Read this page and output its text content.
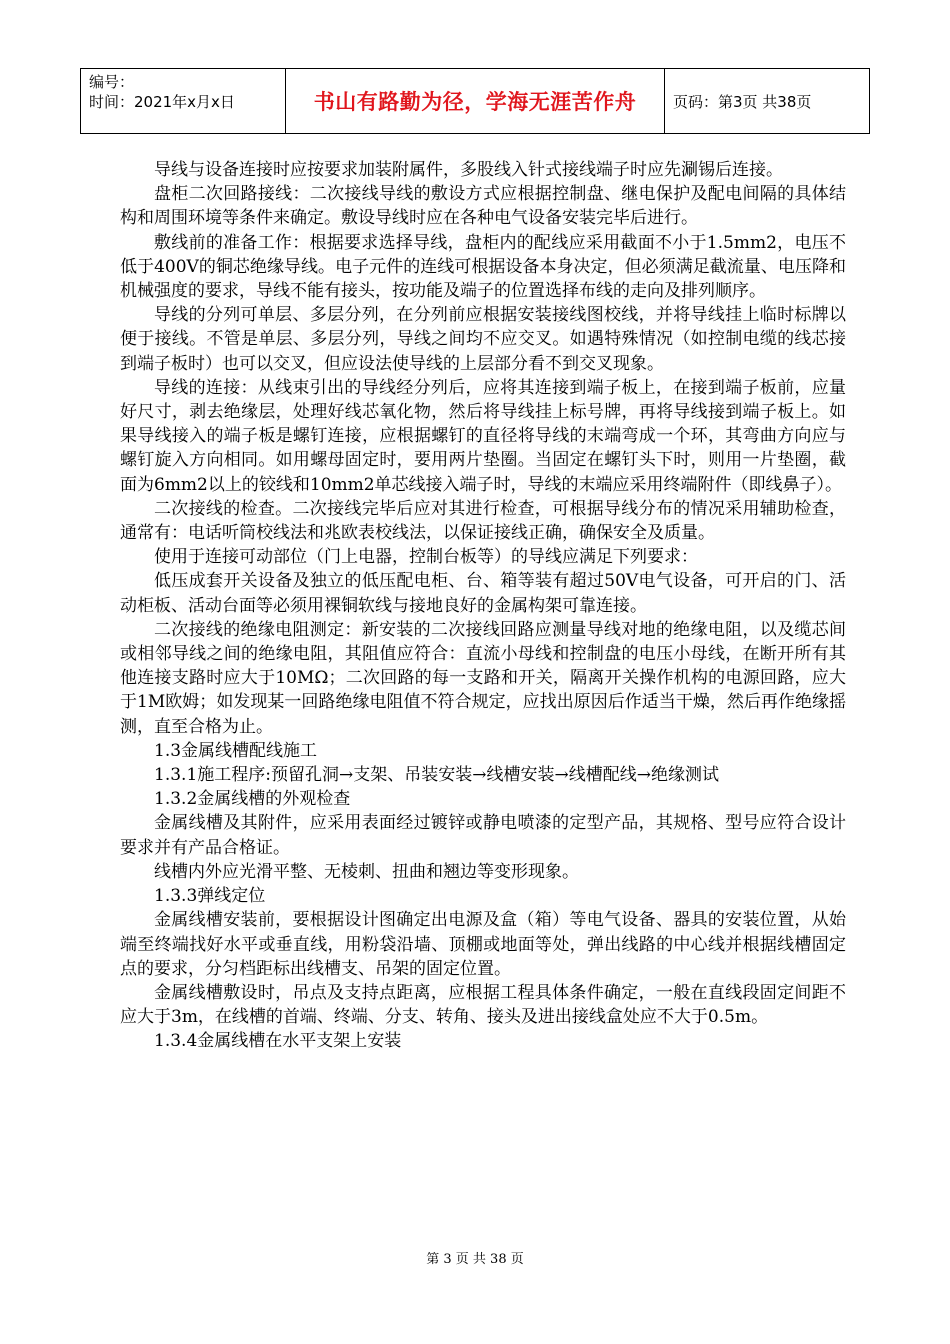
编号：
时间：2021年x月x日	书山有路勤为径，学海无涯苦作舟	页码：第3页 共38页

导线与设备连接时应按要求加装附属件，多股线入针式接线端子时应先涮锡后连接。

盘柜二次回路接线：二次接线导线的敷设方式应根据控制盘、继电保护及配电间隔的具体结构和周围环境等条件来确定。敷设导线时应在各种电气设备安装完毕后进行。

敷线前的准备工作：根据要求选择导线，盘柜内的配线应采用截面不小于1.5mm2，电压不低于400V的铜芯绝缘导线。电子元件的连线可根据设备本身决定，但必须满足截流量、电压降和机械强度的要求，导线不能有接头，按功能及端子的位置选择布线的走向及排列顺序。

导线的分列可单层、多层分列，在分列前应根据安装接线图校线，并将导线挂上临时标牌以便于接线。不管是单层、多层分列，导线之间均不应交叉。如遇特殊情况（如控制电缆的线芯接到端子板时）也可以交叉，但应设法使导线的上层部分看不到交叉现象。

导线的连接：从线束引出的导线经分列后，应将其连接到端子板上，在接到端子板前，应量好尺寸，剥去绝缘层，处理好线芯氧化物，然后将导线挂上标号牌，再将导线接到端子板上。如果导线接入的端子板是螺钉连接，应根据螺钉的直径将导线的末端弯成一个环，其弯曲方向应与螺钉旋入方向相同。如用螺母固定时，要用两片垫圈。当固定在螺钉头下时，则用一片垫圈，截面为6mm2以上的铰线和10mm2单芯线接入端子时，导线的末端应采用终端附件（即线鼻子）。

二次接线的检查。二次接线完毕后应对其进行检查，可根据导线分布的情况采用辅助检查，通常有：电话听筒校线法和兆欧表校线法，以保证接线正确，确保安全及质量。

使用于连接可动部位（门上电器，控制台板等）的导线应满足下列要求：

低压成套开关设备及独立的低压配电柜、台、箱等装有超过50V电气设备，可开启的门、活动柜板、活动台面等必须用裸铜软线与接地良好的金属构架可靠连接。

二次接线的绝缘电阻测定：新安装的二次接线回路应测量导线对地的绝缘电阻，以及缆芯间或相邻导线之间的绝缘电阻，其阻值应符合：直流小母线和控制盘的电压小母线，在断开所有其他连接支路时应大于10MΩ；二次回路的每一支路和开关，隔离开关操作机构的电源回路，应大于1M欧姆；如发现某一回路绝缘电阻值不符合规定，应找出原因后作适当干燥，然后再作绝缘摇测，直至合格为止。

1.3金属线槽配线施工

1.3.1施工程序:预留孔洞→支架、吊装安装→线槽安装→线槽配线→绝缘测试

1.3.2金属线槽的外观检查

金属线槽及其附件，应采用表面经过镀锌或静电喷漆的定型产品，其规格、型号应符合设计要求并有产品合格证。

线槽内外应光滑平整、无棱刺、扭曲和翘边等变形现象。

1.3.3弹线定位

金属线槽安装前，要根据设计图确定出电源及盒（箱）等电气设备、器具的安装位置，从始端至终端找好水平或垂直线，用粉袋沿墙、顶棚或地面等处，弹出线路的中心线并根据线槽固定点的要求，分匀档距标出线槽支、吊架的固定位置。

金属线槽敷设时，吊点及支持点距离，应根据工程具体条件确定，一般在直线段固定间距不应大于3m，在线槽的首端、终端、分支、转角、接头及进出接线盒处应不大于0.5m。

1.3.4金属线槽在水平支架上安装

第 3 页 共 38 页
